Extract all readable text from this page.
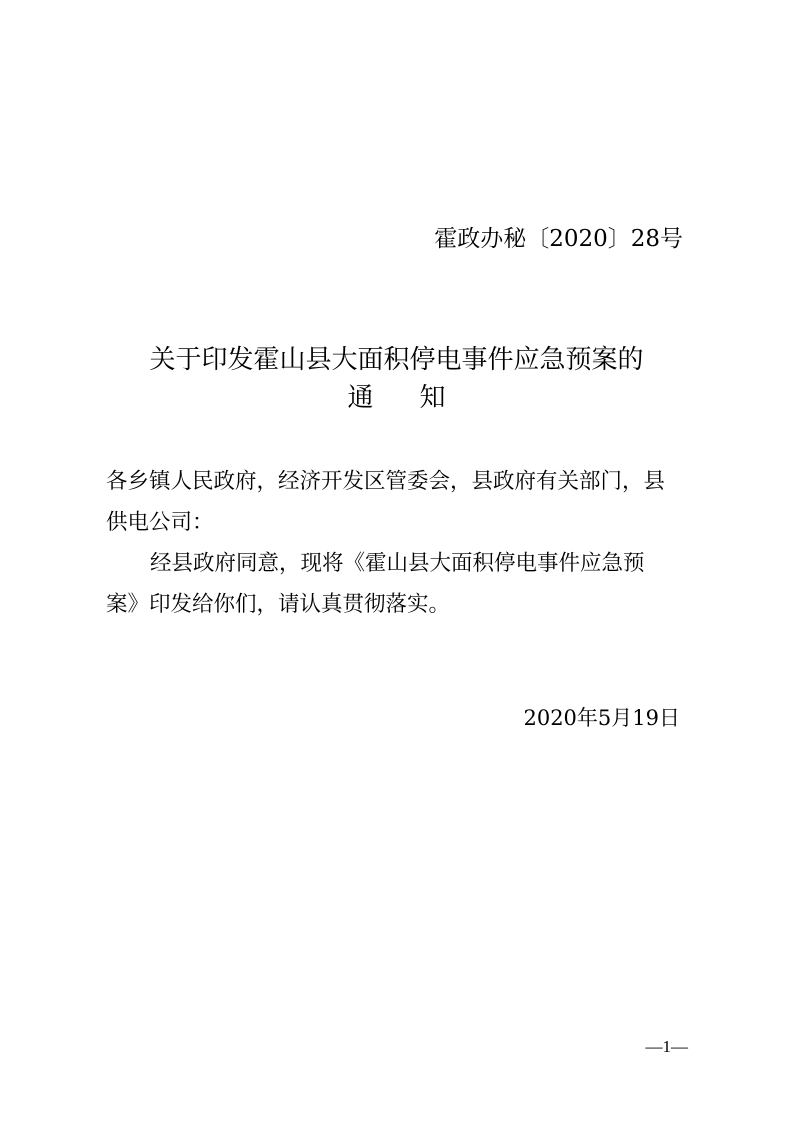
霍政办秘〔2020〕28号
关于印发霍山县大面积停电事件应急预案的
通知
各乡镇人民政府，经济开发区管委会，县政府有关部门，县
供电公司：
经县政府同意，现将《霍山县大面积停电事件应急预
案》印发给你们，请认真贯彻落实。
2020年5月19日
—1—
